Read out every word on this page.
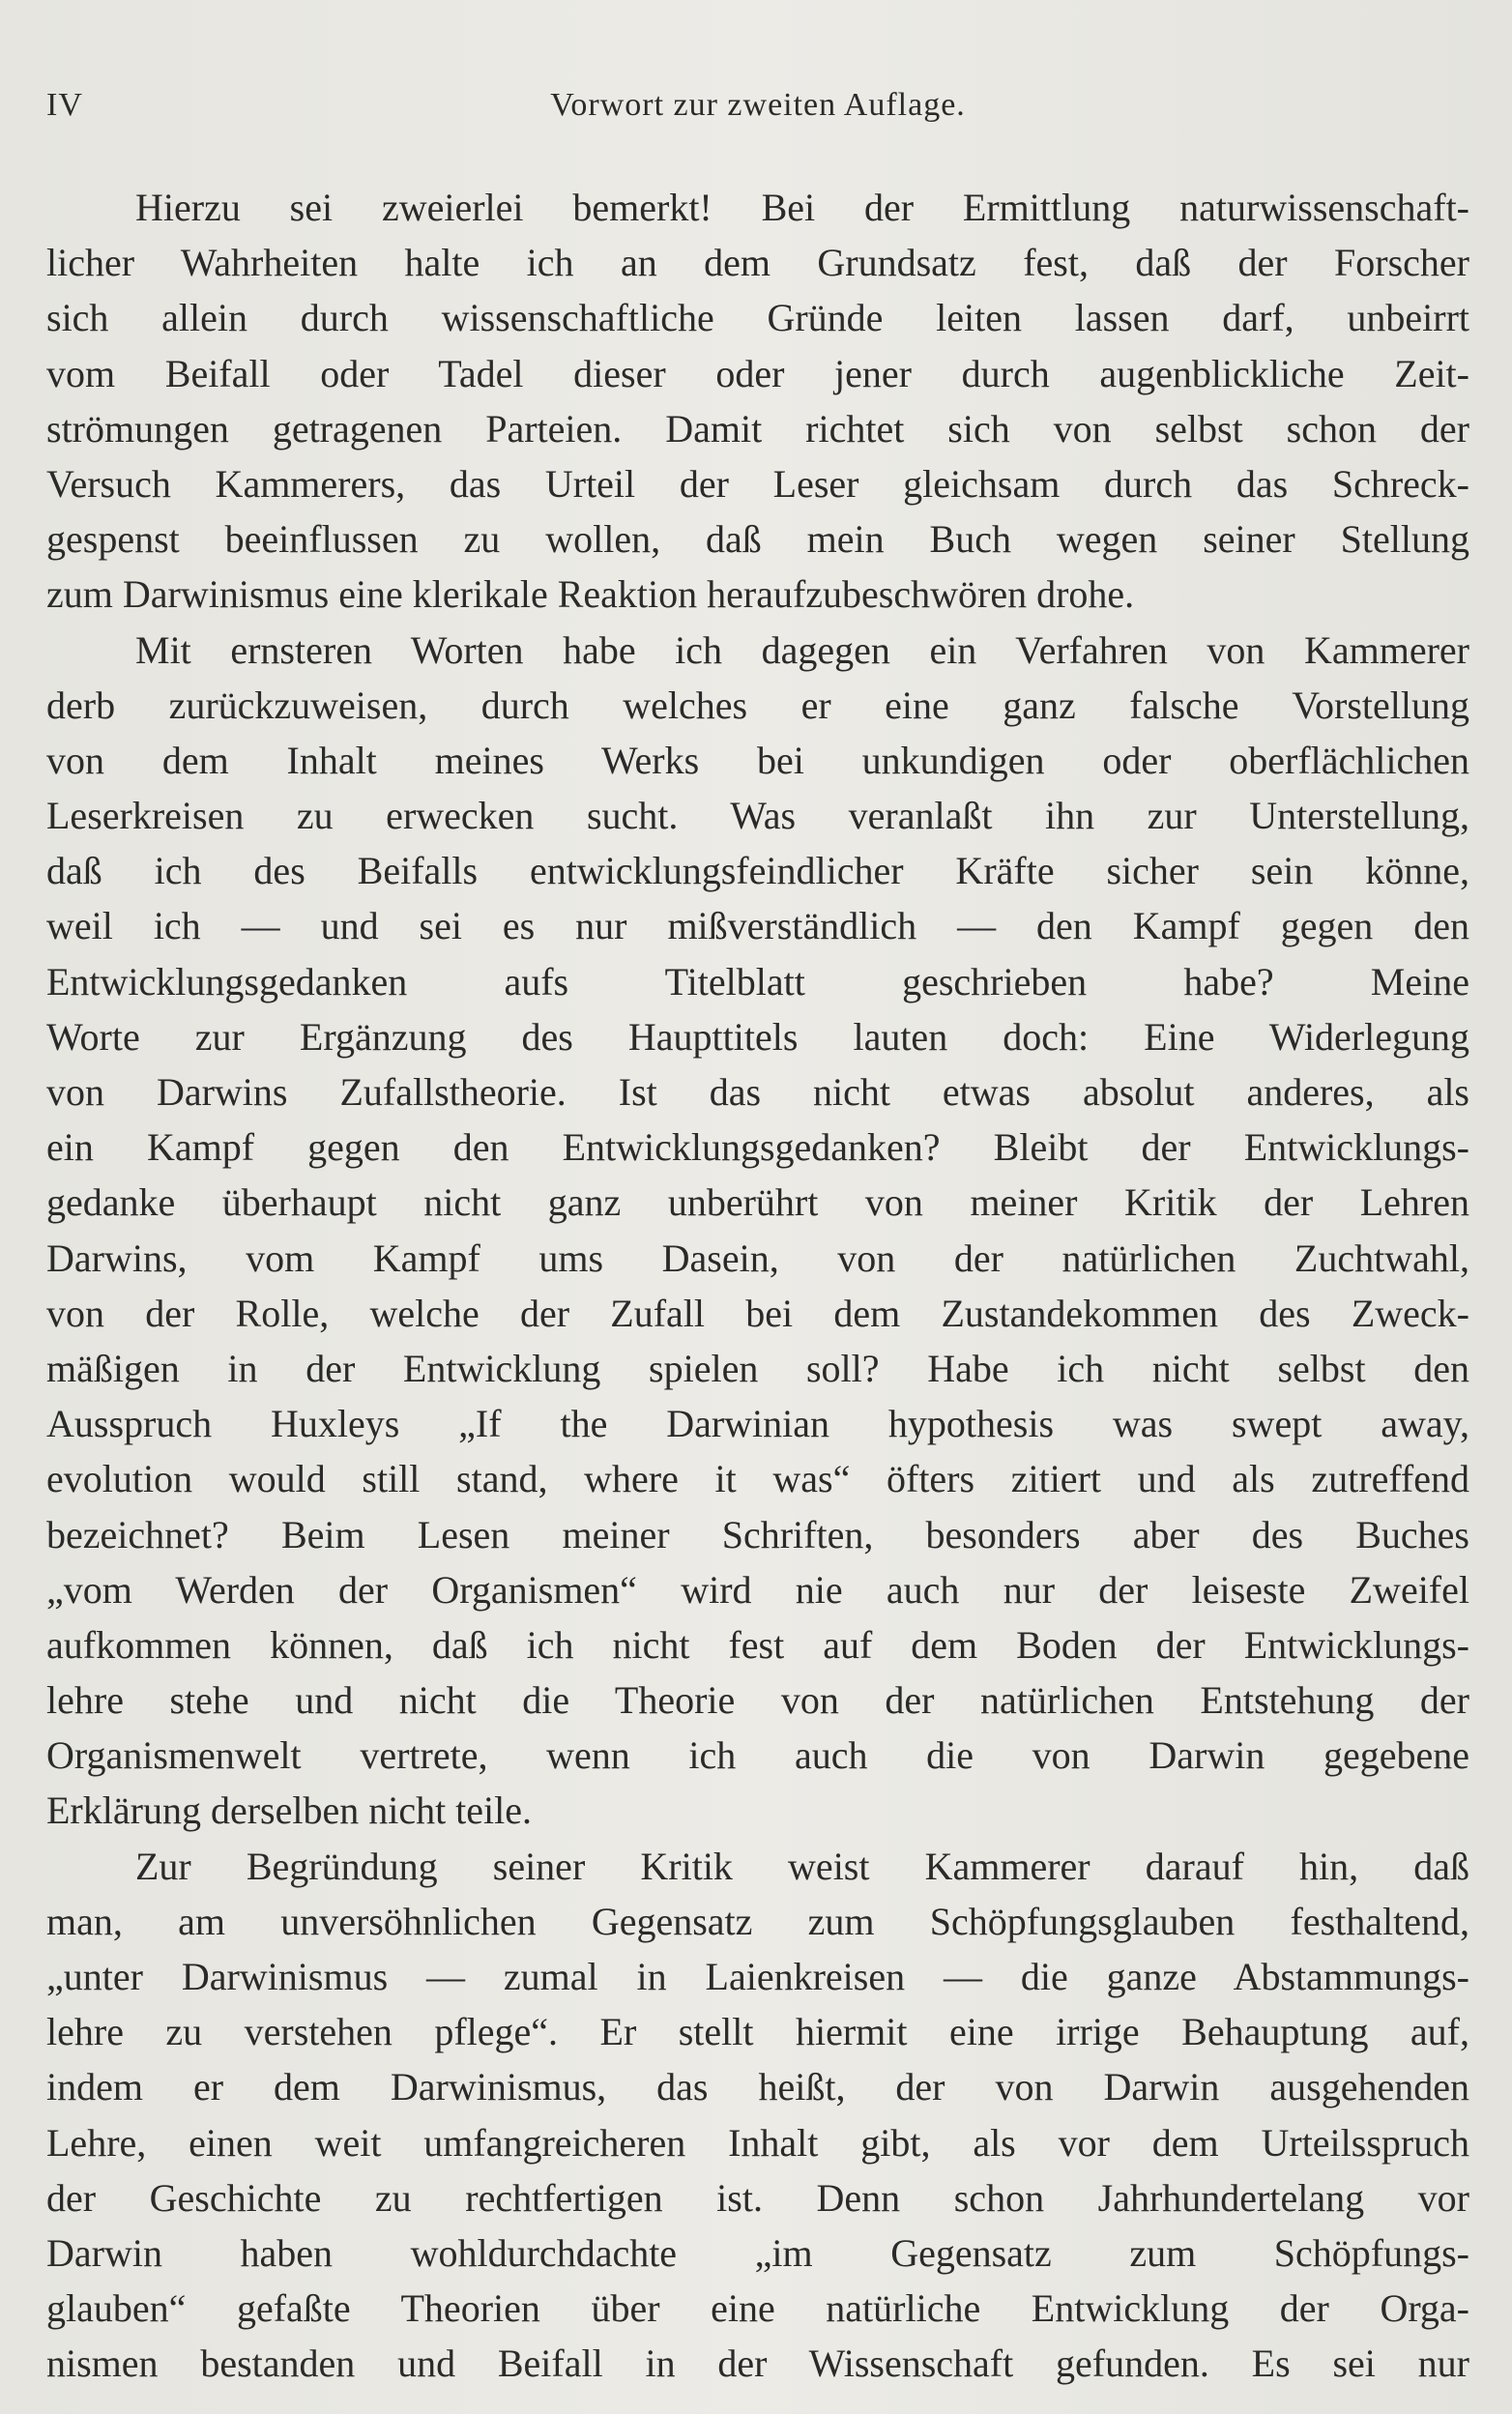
IV	Vorwort zur zweiten Auflage.
Hierzu sei zweierlei bemerkt! Bei der Ermittlung naturwissenschaft-
licher Wahrheiten halte ich an dem Grundsatz fest, daß der Forscher
sich allein durch wissenschaftliche Gründe leiten lassen darf, unbeirrt
vom Beifall oder Tadel dieser oder jener durch augenblickliche Zeit-
strömungen getragenen Parteien. Damit richtet sich von selbst schon der
Versuch Kammerers, das Urteil der Leser gleichsam durch das Schreck-
gespenst beeinflussen zu wollen, daß mein Buch wegen seiner Stellung
zum Darwinismus eine klerikale Reaktion heraufzubeschwören drohe.
Mit ernsteren Worten habe ich dagegen ein Verfahren von Kammerer
derb zurückzuweisen, durch welches er eine ganz falsche Vorstellung
von dem Inhalt meines Werks bei unkundigen oder oberflächlichen
Leserkreisen zu erwecken sucht. Was veranlaßt ihn zur Unterstellung,
daß ich des Beifalls entwicklungsfeindlicher Kräfte sicher sein könne,
weil ich — und sei es nur mißverständlich — den Kampf gegen den
Entwicklungsgedanken aufs Titelblatt geschrieben habe? Meine
Worte zur Ergänzung des Haupttitels lauten doch: Eine Widerlegung
von Darwins Zufallstheorie. Ist das nicht etwas absolut anderes, als
ein Kampf gegen den Entwicklungsgedanken? Bleibt der Entwicklungs-
gedanke überhaupt nicht ganz unberührt von meiner Kritik der Lehren
Darwins, vom Kampf ums Dasein, von der natürlichen Zuchtwahl,
von der Rolle, welche der Zufall bei dem Zustandekommen des Zweck-
mäßigen in der Entwicklung spielen soll? Habe ich nicht selbst den
Ausspruch Huxleys „If the Darwinian hypothesis was swept away,
evolution would still stand, where it was“ öfters zitiert und als zutreffend
bezeichnet? Beim Lesen meiner Schriften, besonders aber des Buches
„vom Werden der Organismen“ wird nie auch nur der leiseste Zweifel
aufkommen können, daß ich nicht fest auf dem Boden der Entwicklungs-
lehre stehe und nicht die Theorie von der natürlichen Entstehung der
Organismenwelt vertrete, wenn ich auch die von Darwin gegebene
Erklärung derselben nicht teile.
Zur Begründung seiner Kritik weist Kammerer darauf hin, daß
man, am unversöhnlichen Gegensatz zum Schöpfungsglauben festhaltend,
„unter Darwinismus — zumal in Laienkreisen — die ganze Abstammungs-
lehre zu verstehen pflege“. Er stellt hiermit eine irrige Behauptung auf,
indem er dem Darwinismus, das heißt, der von Darwin ausgehenden
Lehre, einen weit umfangreicheren Inhalt gibt, als vor dem Urteilsspruch
der Geschichte zu rechtfertigen ist. Denn schon Jahrhundertelang vor
Darwin haben wohldurchdachte „im Gegensatz zum Schöpfungs-
glauben“ gefaßte Theorien über eine natürliche Entwicklung der Orga-
nismen bestanden und Beifall in der Wissenschaft gefunden. Es sei nur
